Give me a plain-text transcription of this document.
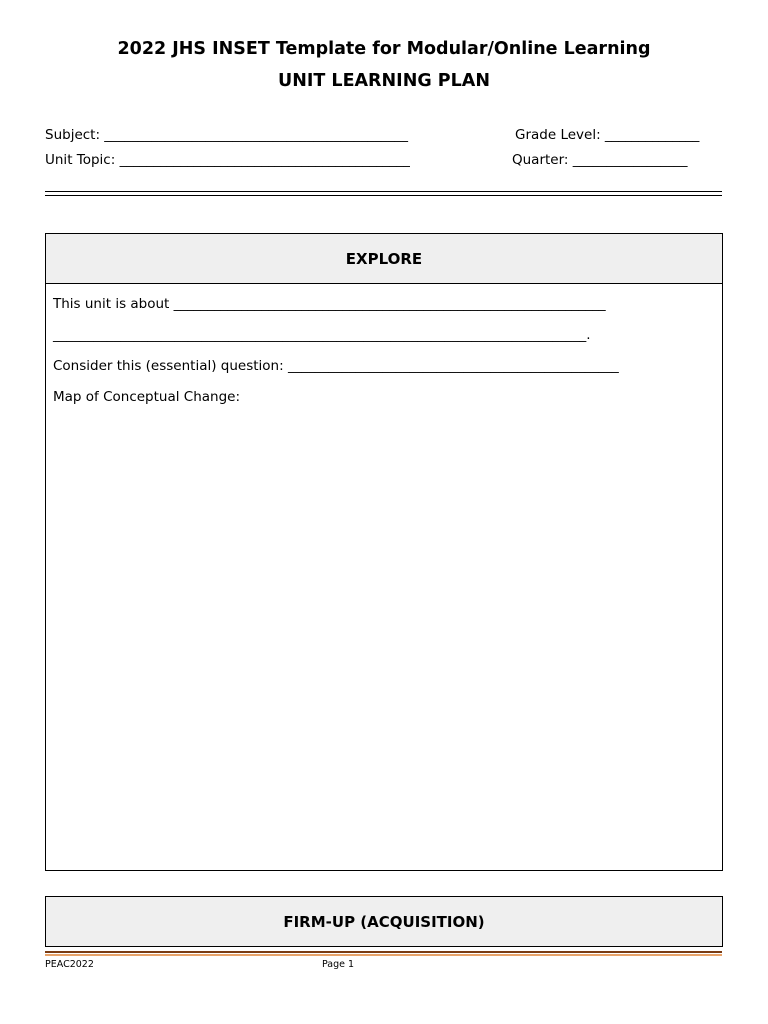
2022 JHS INSET Template for Modular/Online Learning
UNIT LEARNING PLAN
Subject: _____________________________________________	Grade Level: ______________
Unit Topic: ___________________________________________	Quarter: _________________
EXPLORE
This unit is about ________________________________________________________________
_______________________________________________________________________________.
Consider this (essential) question: _________________________________________________
Map of Conceptual Change:
FIRM-UP (ACQUISITION)
PEAC2022	Page 1
